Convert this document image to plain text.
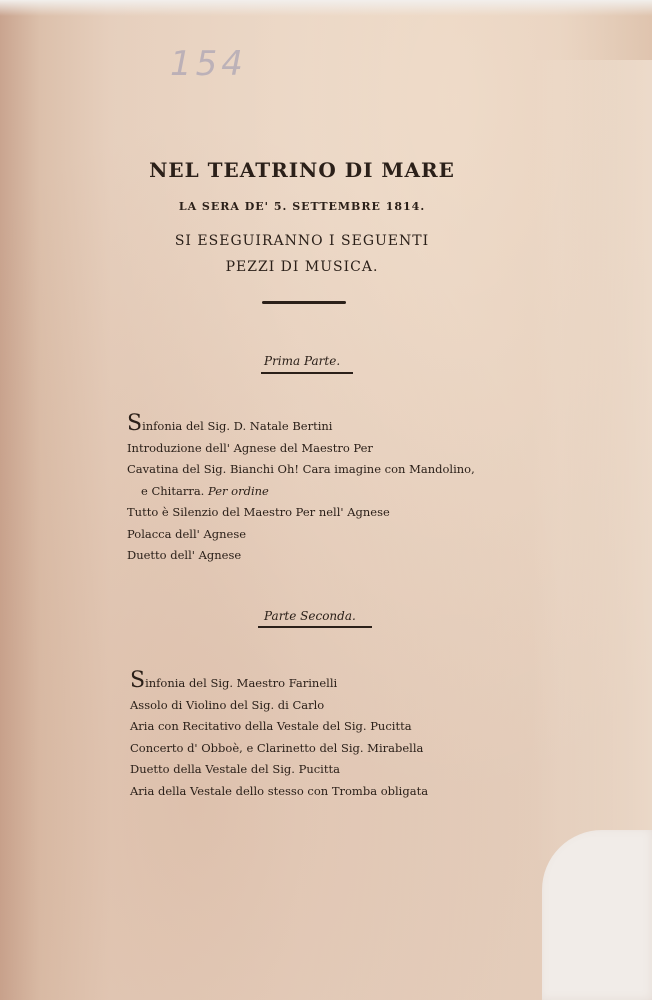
154
NEL TEATRINO DI MARE
LA SERA DE' 5. SETTEMBRE 1814.
SI ESEGUIRANNO I SEGUENTI
PEZZI DI MUSICA.
Prima Parte.
Sinfonia del Sig. D. Natale Bertini
Introduzione dell' Agnese del Maestro Per
Cavatina del Sig. Bianchi Oh! Cara imagine con Mandolino,
e Chitarra. Per ordine
Tutto è Silenzio del Maestro Per nell' Agnese
Polacca dell' Agnese
Duetto dell' Agnese
Parte Seconda.
Sinfonia del Sig. Maestro Farinelli
Assolo di Violino del Sig. di Carlo
Aria con Recitativo della Vestale del Sig. Pucitta
Concerto d' Obboè, e Clarinetto del Sig. Mirabella
Duetto della Vestale del Sig. Pucitta
Aria della Vestale dello stesso con Tromba obligata
